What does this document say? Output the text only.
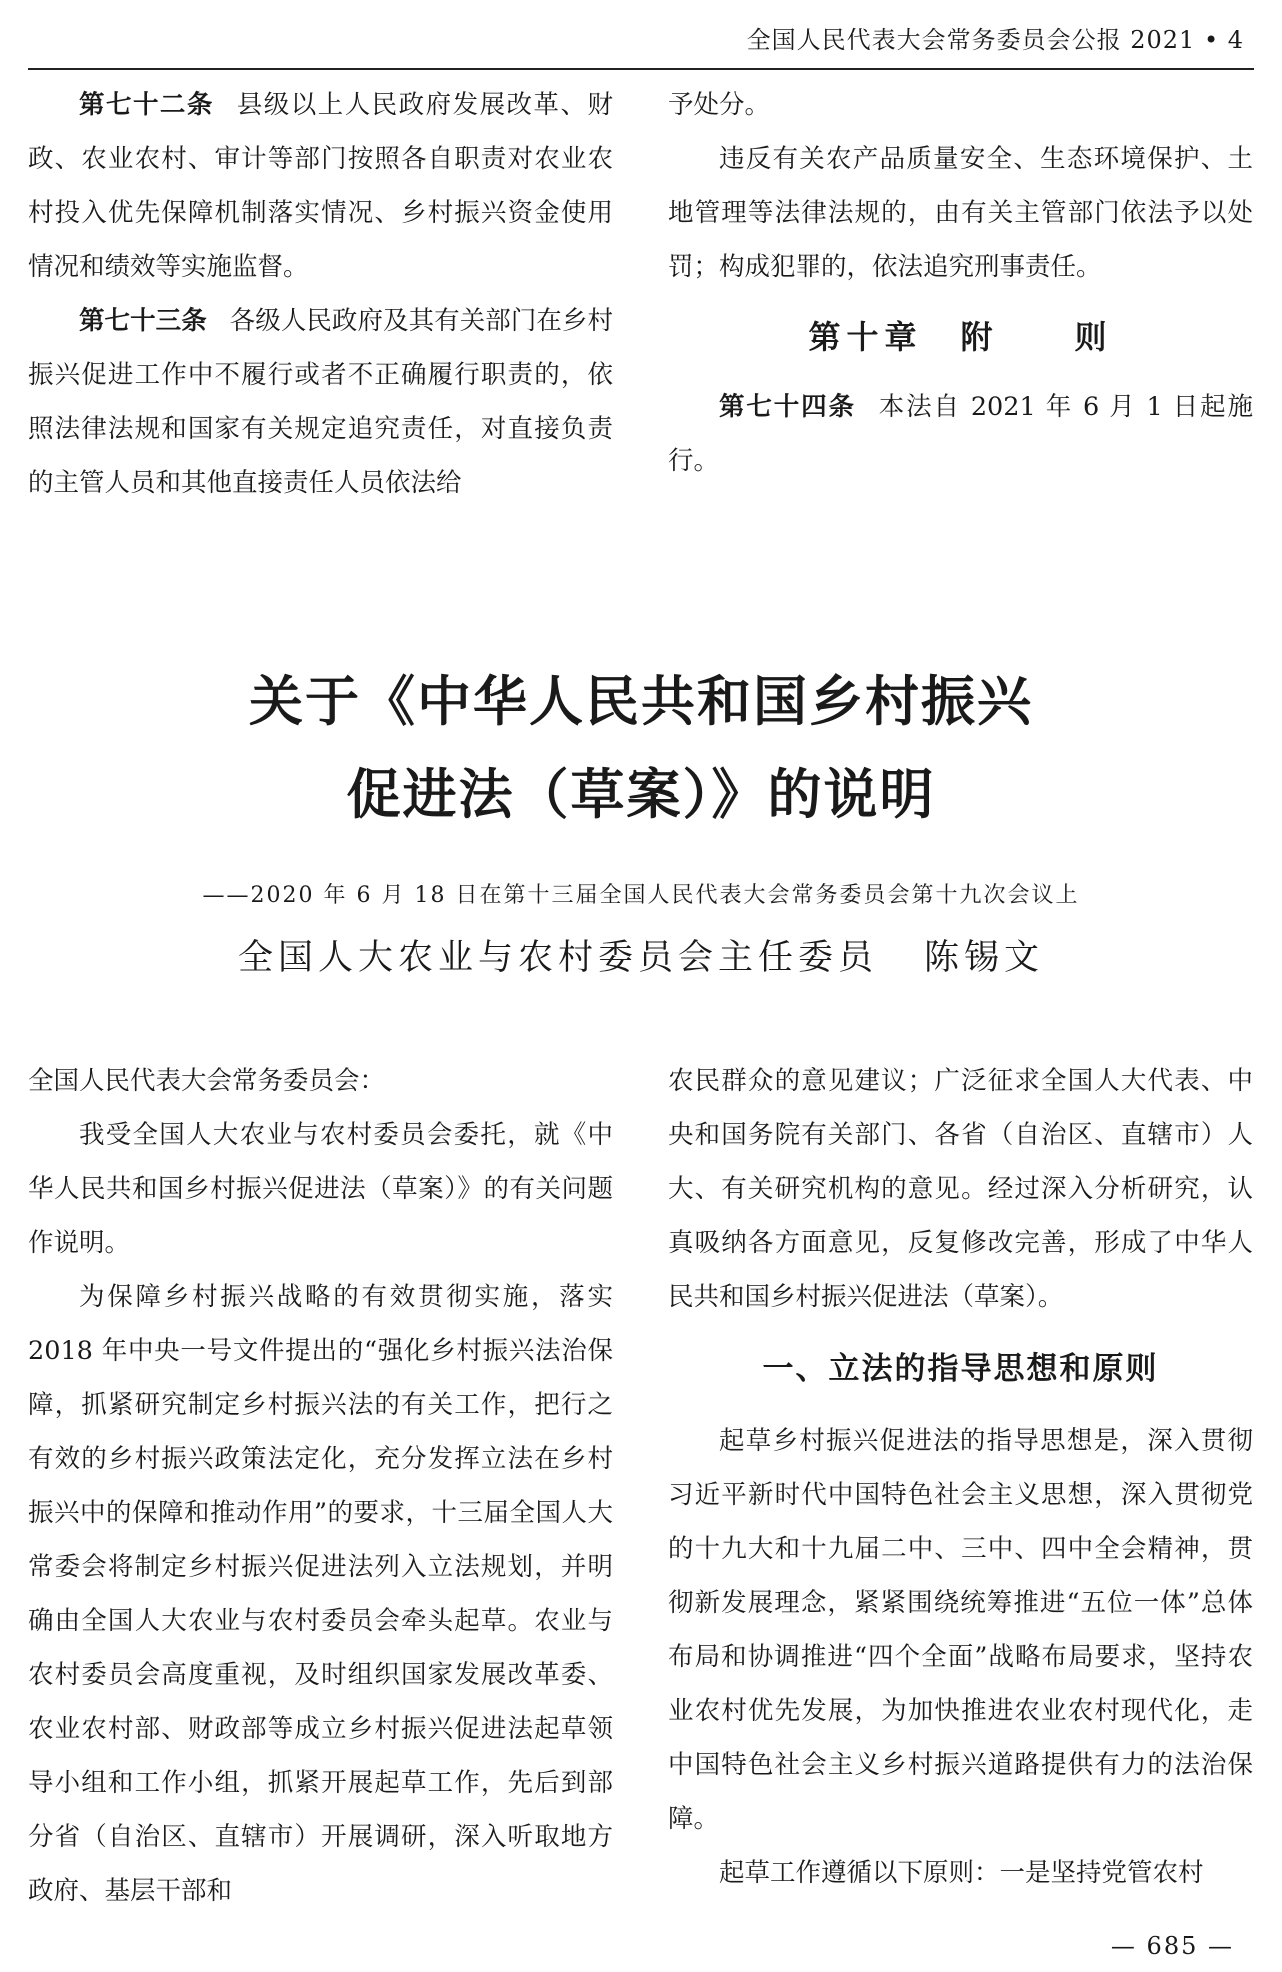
全国人民代表大会常务委员会公报 2021 • 4

第七十二条 县级以上人民政府发展改革、财政、农业农村、审计等部门按照各自职责对农业农村投入优先保障机制落实情况、乡村振兴资金使用情况和绩效等实施监督。

第七十三条 各级人民政府及其有关部门在乡村振兴促进工作中不履行或者不正确履行职责的，依照法律法规和国家有关规定追究责任，对直接负责的主管人员和其他直接责任人员依法给

予处分。

违反有关农产品质量安全、生态环境保护、土地管理等法律法规的，由有关主管部门依法予以处罚；构成犯罪的，依法追究刑事责任。

第十章　附　　则

第七十四条 本法自 2021 年 6 月 1 日起施行。

关于《中华人民共和国乡村振兴
促进法（草案）》的说明
——2020 年 6 月 18 日在第十三届全国人民代表大会常务委员会第十九次会议上
全国人大农业与农村委员会主任委员 陈锡文

全国人民代表大会常务委员会：

我受全国人大农业与农村委员会委托，就《中华人民共和国乡村振兴促进法（草案）》的有关问题作说明。

为保障乡村振兴战略的有效贯彻实施，落实 2018 年中央一号文件提出的“强化乡村振兴法治保障，抓紧研究制定乡村振兴法的有关工作，把行之有效的乡村振兴政策法定化，充分发挥立法在乡村振兴中的保障和推动作用”的要求，十三届全国人大常委会将制定乡村振兴促进法列入立法规划，并明确由全国人大农业与农村委员会牵头起草。农业与农村委员会高度重视，及时组织国家发展改革委、农业农村部、财政部等成立乡村振兴促进法起草领导小组和工作小组，抓紧开展起草工作，先后到部分省（自治区、直辖市）开展调研，深入听取地方政府、基层干部和

农民群众的意见建议；广泛征求全国人大代表、中央和国务院有关部门、各省（自治区、直辖市）人大、有关研究机构的意见。经过深入分析研究，认真吸纳各方面意见，反复修改完善，形成了中华人民共和国乡村振兴促进法（草案）。

一、立法的指导思想和原则

起草乡村振兴促进法的指导思想是，深入贯彻习近平新时代中国特色社会主义思想，深入贯彻党的十九大和十九届二中、三中、四中全会精神，贯彻新发展理念，紧紧围绕统筹推进“五位一体”总体布局和协调推进“四个全面”战略布局要求，坚持农业农村优先发展，为加快推进农业农村现代化，走中国特色社会主义乡村振兴道路提供有力的法治保障。

起草工作遵循以下原则：一是坚持党管农村

— 685 —
